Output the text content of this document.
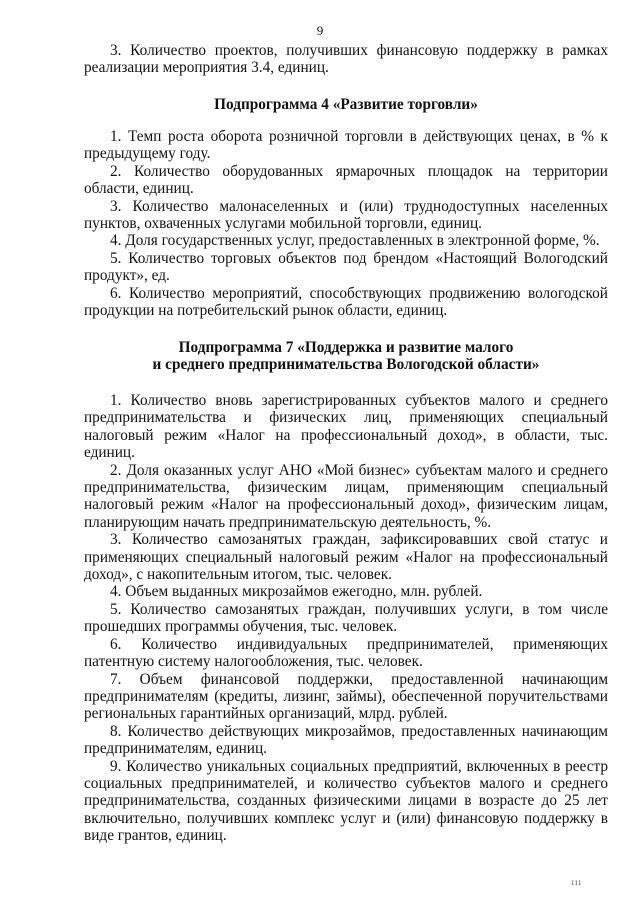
9

3. Количество проектов, получивших финансовую поддержку в рамках реализации мероприятия 3.4, единиц.

Подпрограмма 4 «Развитие торговли»

1. Темп роста оборота розничной торговли в действующих ценах, в % к предыдущему году.

2. Количество оборудованных ярмарочных площадок на территории области, единиц.

3. Количество малонаселенных и (или) труднодоступных населенных пунктов, охваченных услугами мобильной торговли, единиц.

4. Доля государственных услуг, предоставленных в электронной форме, %.

5. Количество торговых объектов под брендом «Настоящий Вологодский продукт», ед.

6. Количество мероприятий, способствующих продвижению вологодской продукции на потребительский рынок области, единиц.

Подпрограмма 7 «Поддержка и развитие малого

и среднего предпринимательства Вологодской области»

1. Количество вновь зарегистрированных субъектов малого и среднего предпринимательства и физических лиц, применяющих специальный налоговый режим «Налог на профессиональный доход», в области, тыс. единиц.

2. Доля оказанных услуг АНО «Мой бизнес» субъектам малого и среднего предпринимательства, физическим лицам, применяющим специальный налоговый режим «Налог на профессиональный доход», физическим лицам, планирующим начать предпринимательскую деятельность, %.

3. Количество самозанятых граждан, зафиксировавших свой статус и применяющих специальный налоговый режим «Налог на профессиональный доход», с накопительным итогом, тыс. человек.

4. Объем выданных микрозаймов ежегодно, млн. рублей.

5. Количество самозанятых граждан, получивших услуги, в том числе прошедших программы обучения, тыс. человек.

6. Количество индивидуальных предпринимателей, применяющих патентную систему налогообложения, тыс. человек.

7. Объем финансовой поддержки, предоставленной начинающим предпринимателям (кредиты, лизинг, займы), обеспеченной поручительствами региональных гарантийных организаций, млрд. рублей.

8. Количество действующих микрозаймов, предоставленных начинающим предпринимателям, единиц.

9. Количество уникальных социальных предприятий, включенных в реестр социальных предпринимателей, и количество субъектов малого и среднего предпринимательства, созданных физическими лицами в возрасте до 25 лет включительно, получивших комплекс услуг и (или) финансовую поддержку в виде грантов, единиц.

ııı
